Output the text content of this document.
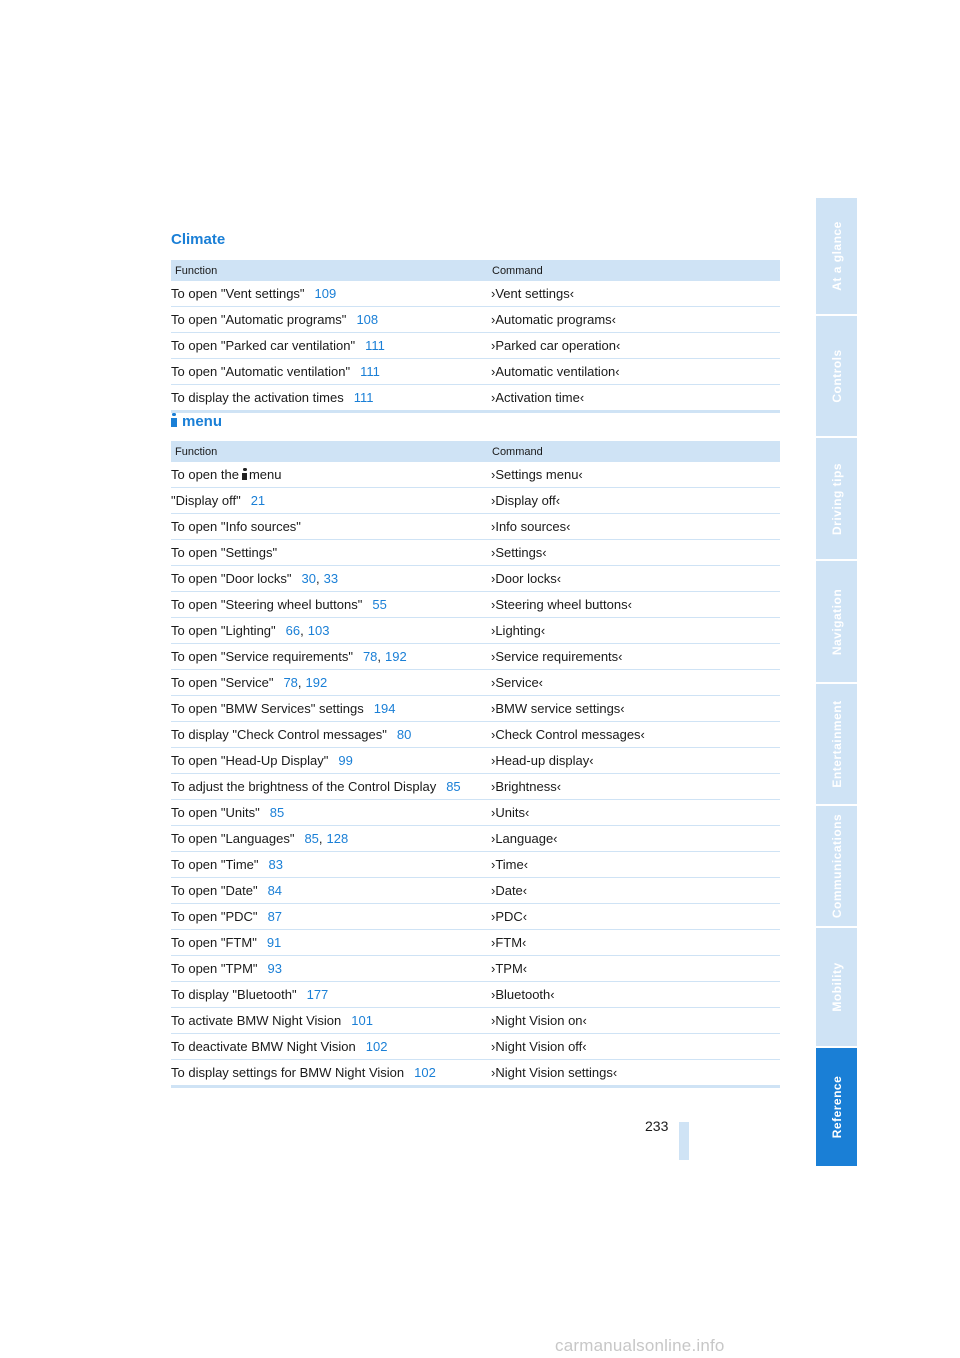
Climate
Function	Command
To open "Vent settings" 109	›Vent settings‹
To open "Automatic programs" 108	›Automatic programs‹
To open "Parked car ventilation" 111	›Parked car operation‹
To open "Automatic ventilation" 111	›Automatic ventilation‹
To display the activation times 111	›Activation time‹
menu
Function	Command
To open the menu	›Settings menu‹
"Display off" 21	›Display off‹
To open "Info sources"	›Info sources‹
To open "Settings"	›Settings‹
To open "Door locks" 30, 33	›Door locks‹
To open "Steering wheel buttons" 55	›Steering wheel buttons‹
To open "Lighting" 66, 103	›Lighting‹
To open "Service requirements" 78, 192	›Service requirements‹
To open "Service" 78, 192	›Service‹
To open "BMW Services" settings 194	›BMW service settings‹
To display "Check Control messages" 80	›Check Control messages‹
To open "Head-Up Display" 99	›Head-up display‹
To adjust the brightness of the Control Display 85	›Brightness‹
To open "Units" 85	›Units‹
To open "Languages" 85, 128	›Language‹
To open "Time" 83	›Time‹
To open "Date" 84	›Date‹
To open "PDC" 87	›PDC‹
To open "FTM" 91	›FTM‹
To open "TPM" 93	›TPM‹
To display "Bluetooth" 177	›Bluetooth‹
To activate BMW Night Vision 101	›Night Vision on‹
To deactivate BMW Night Vision 102	›Night Vision off‹
To display settings for BMW Night Vision 102	›Night Vision settings‹
At a glance
Controls
Driving tips
Navigation
Entertainment
Communications
Mobility
Reference
233
carmanualsonline.info
